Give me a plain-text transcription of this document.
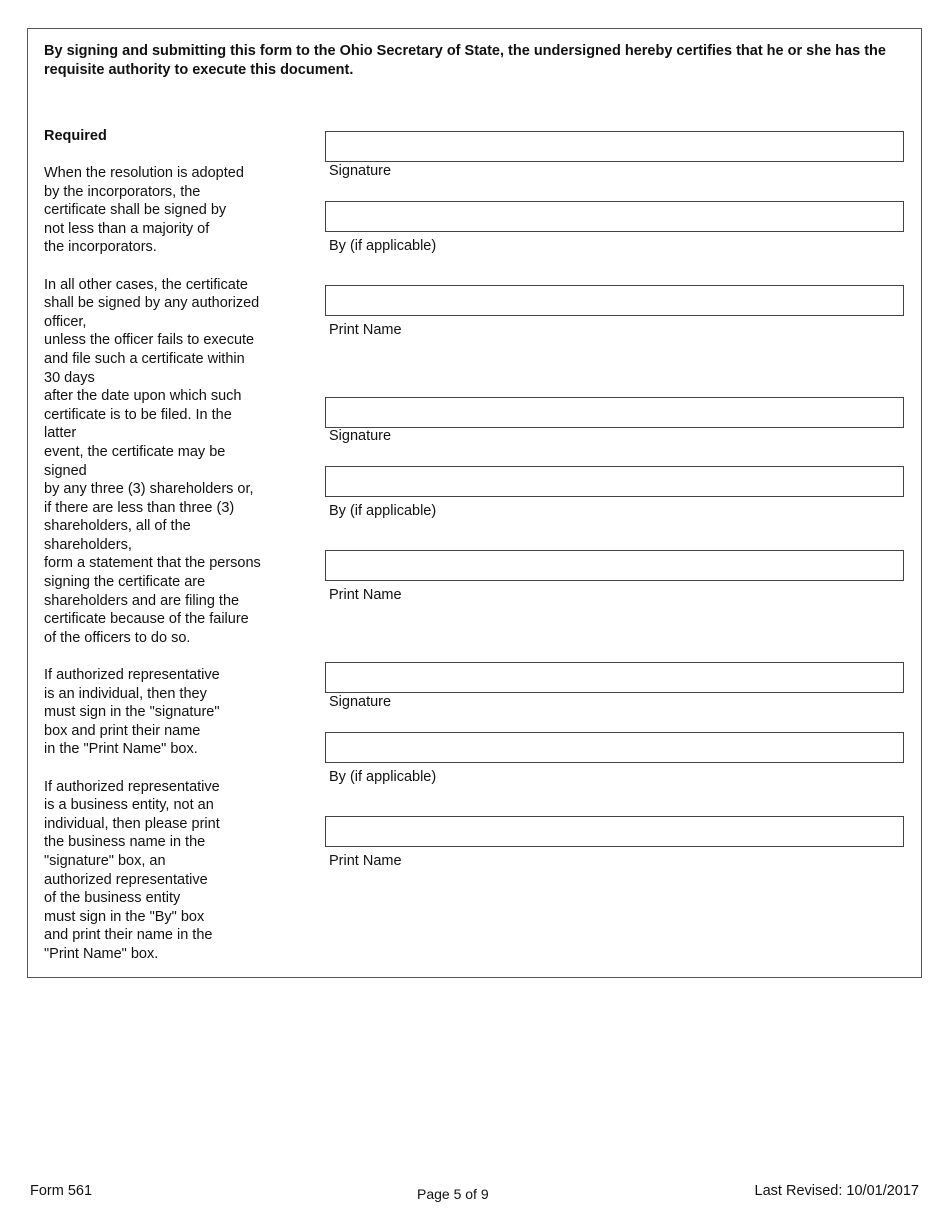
By signing and submitting this form to the Ohio Secretary of State, the undersigned hereby certifies that he or she has the requisite authority to execute this document.
Required
When the resolution is adopted
by the incorporators, the
certificate shall be signed by
not less than a majority of
the incorporators.

In all other cases, the certificate
shall be signed by any authorized
officer,
unless the officer fails to execute
and file such a certificate within
30 days
after the date upon which such
certificate is to be filed. In the
latter
event, the certificate may be
signed
by any three (3) shareholders or,
if there are less than three (3)
shareholders, all of the
shareholders,
form a statement that the persons
signing the certificate are
shareholders and are filing the
certificate because of the failure
of the officers to do so.

If authorized representative
is an individual, then they
must sign in the "signature"
box and print their name
in the "Print Name" box.

If authorized representative
is a business entity, not an
individual, then please print
the business name in the
"signature" box, an
authorized representative
of the business entity
must sign in the "By" box
and print their name in the
"Print Name" box.
Signature
By (if applicable)
Print Name
Signature
By (if applicable)
Print Name
Signature
By (if applicable)
Print Name
Form 561	Page 5 of 9	Last Revised: 10/01/2017
